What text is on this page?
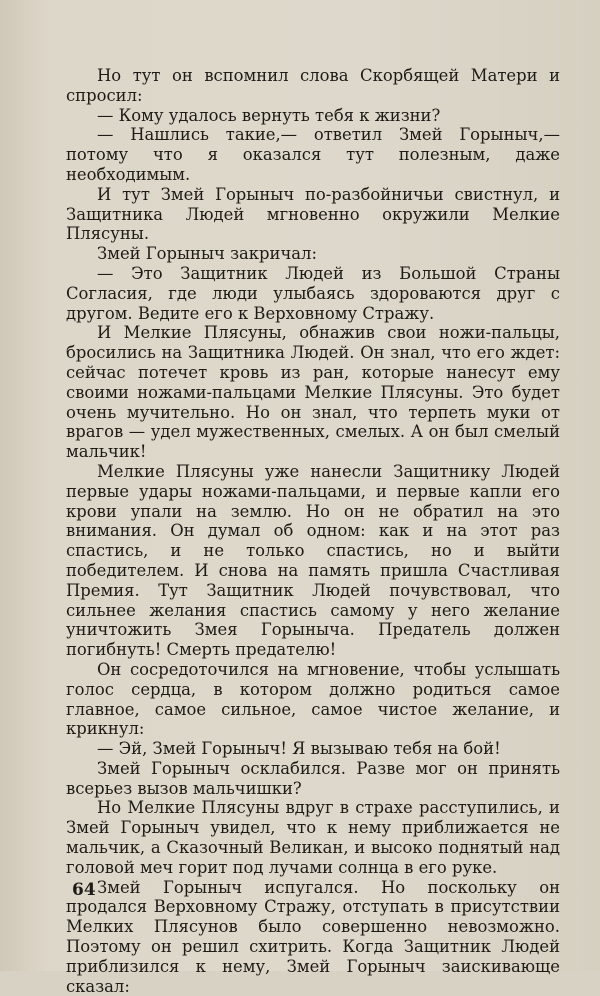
Но тут он вспомнил слова Скорбящей Матери и спросил:

— Кому удалось вернуть тебя к жизни?

— Нашлись такие,— ответил Змей Горыныч,— потому что я оказался тут полезным, даже необходимым.

И тут Змей Горыныч по-разбойничьи свистнул, и Защитника Людей мгновенно окружили Мелкие Плясуны.

Змей Горыныч закричал:

— Это Защитник Людей из Большой Страны Согласия, где люди улыбаясь здороваются друг с другом. Ведите его к Верховному Стражу.

И Мелкие Плясуны, обнажив свои ножи-пальцы, бросились на Защитника Людей. Он знал, что его ждет: сейчас потечет кровь из ран, которые нанесут ему своими ножами-пальцами Мелкие Плясуны. Это будет очень мучительно. Но он знал, что терпеть муки от врагов — удел мужественных, смелых. А он был смелый мальчик!

Мелкие Плясуны уже нанесли Защитнику Людей первые удары ножами-пальцами, и первые капли его крови упали на землю. Но он не обратил на это внимания. Он думал об одном: как и на этот раз спастись, и не только спастись, но и выйти победителем. И снова на память пришла Счастливая Премия. Тут Защитник Людей почувствовал, что сильнее желания спастись самому у него желание уничтожить Змея Горыныча. Предатель должен погибнуть! Смерть предателю!

Он сосредоточился на мгновение, чтобы услышать голос сердца, в котором должно родиться самое главное, самое сильное, самое чистое желание, и крикнул:

— Эй, Змей Горыныч! Я вызываю тебя на бой!

Змей Горыныч осклабился. Разве мог он принять всерьез вызов мальчишки?

Но Мелкие Плясуны вдруг в страхе расступились, и Змей Горыныч увидел, что к нему приближается не мальчик, а Сказочный Великан, и высоко поднятый над головой меч горит под лучами солнца в его руке.

Змей Горыныч испугался. Но поскольку он продался Верховному Стражу, отступать в присутствии Мелких Плясунов было совершенно невозможно. Поэтому он решил схитрить. Когда Защитник Людей приблизился к нему, Змей Горыныч заискивающе сказал:

64
